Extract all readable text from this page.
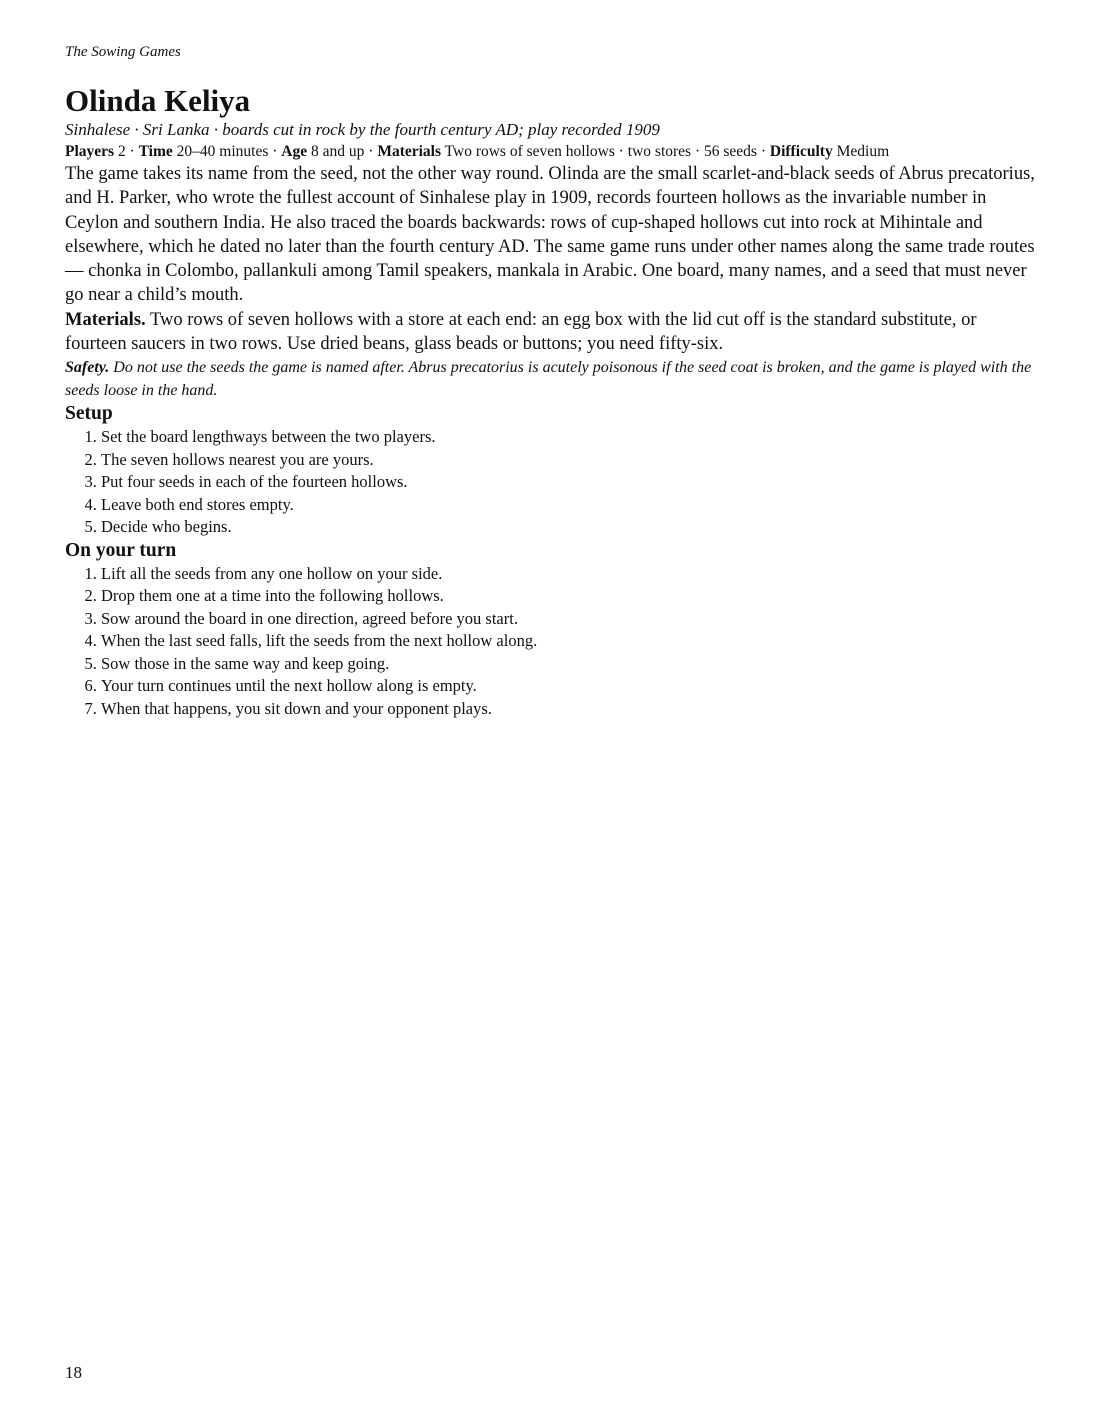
The Sowing Games
Olinda Keliya
Sinhalese · Sri Lanka · boards cut in rock by the fourth century AD; play recorded 1909
Players 2 · Time 20–40 minutes · Age 8 and up · Materials Two rows of seven hollows · two stores · 56 seeds · Difficulty Medium

The game takes its name from the seed, not the other way round. Olinda are the small scarlet-and-black seeds of Abrus precatorius, and H. Parker, who wrote the fullest account of Sinhalese play in 1909, records fourteen hollows as the invariable number in Ceylon and southern India. He also traced the boards backwards: rows of cup-shaped hollows cut into rock at Mihintale and elsewhere, which he dated no later than the fourth century AD. The same game runs under other names along the same trade routes — chonka in Colombo, pallankuli among Tamil speakers, mankala in Arabic. One board, many names, and a seed that must never go near a child’s mouth.

Materials. Two rows of seven hollows with a store at each end: an egg box with the lid cut off is the standard substitute, or fourteen saucers in two rows. Use dried beans, glass beads or buttons; you need fifty-six.

Safety. Do not use the seeds the game is named after. Abrus precatorius is acutely poisonous if the seed coat is broken, and the game is played with the seeds loose in the hand.

Setup
1. Set the board lengthways between the two players.
2. The seven hollows nearest you are yours.
3. Put four seeds in each of the fourteen hollows.
4. Leave both end stores empty.
5. Decide who begins.
On your turn
1. Lift all the seeds from any one hollow on your side.
2. Drop them one at a time into the following hollows.
3. Sow around the board in one direction, agreed before you start.
4. When the last seed falls, lift the seeds from the next hollow along.
5. Sow those in the same way and keep going.
6. Your turn continues until the next hollow along is empty.
7. When that happens, you sit down and your opponent plays.
18
